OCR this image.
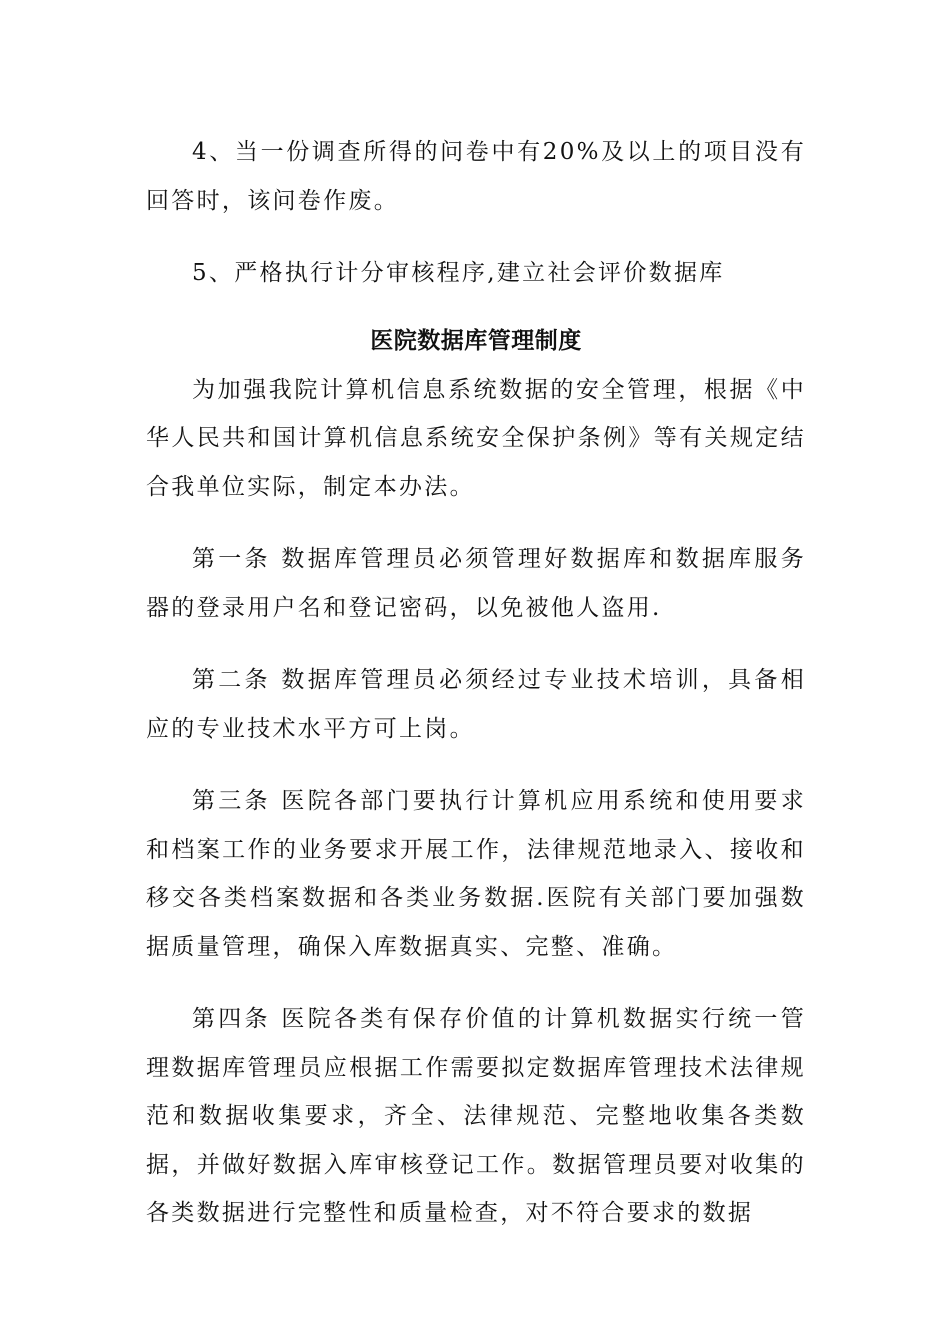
4、当一份调查所得的问卷中有20%及以上的项目没有回答时，该问卷作废。

5、严格执行计分审核程序,建立社会评价数据库

医院数据库管理制度

为加强我院计算机信息系统数据的安全管理，根据《中华人民共和国计算机信息系统安全保护条例》等有关规定结合我单位实际，制定本办法。

第一条 数据库管理员必须管理好数据库和数据库服务器的登录用户名和登记密码，以免被他人盗用.

第二条 数据库管理员必须经过专业技术培训，具备相应的专业技术水平方可上岗。

第三条 医院各部门要执行计算机应用系统和使用要求和档案工作的业务要求开展工作，法律规范地录入、接收和移交各类档案数据和各类业务数据.医院有关部门要加强数据质量管理，确保入库数据真实、完整、准确。

第四条 医院各类有保存价值的计算机数据实行统一管理数据库管理员应根据工作需要拟定数据库管理技术法律规范和数据收集要求，齐全、法律规范、完整地收集各类数据，并做好数据入库审核登记工作。数据管理员要对收集的各类数据进行完整性和质量检查，对不符合要求的数据
